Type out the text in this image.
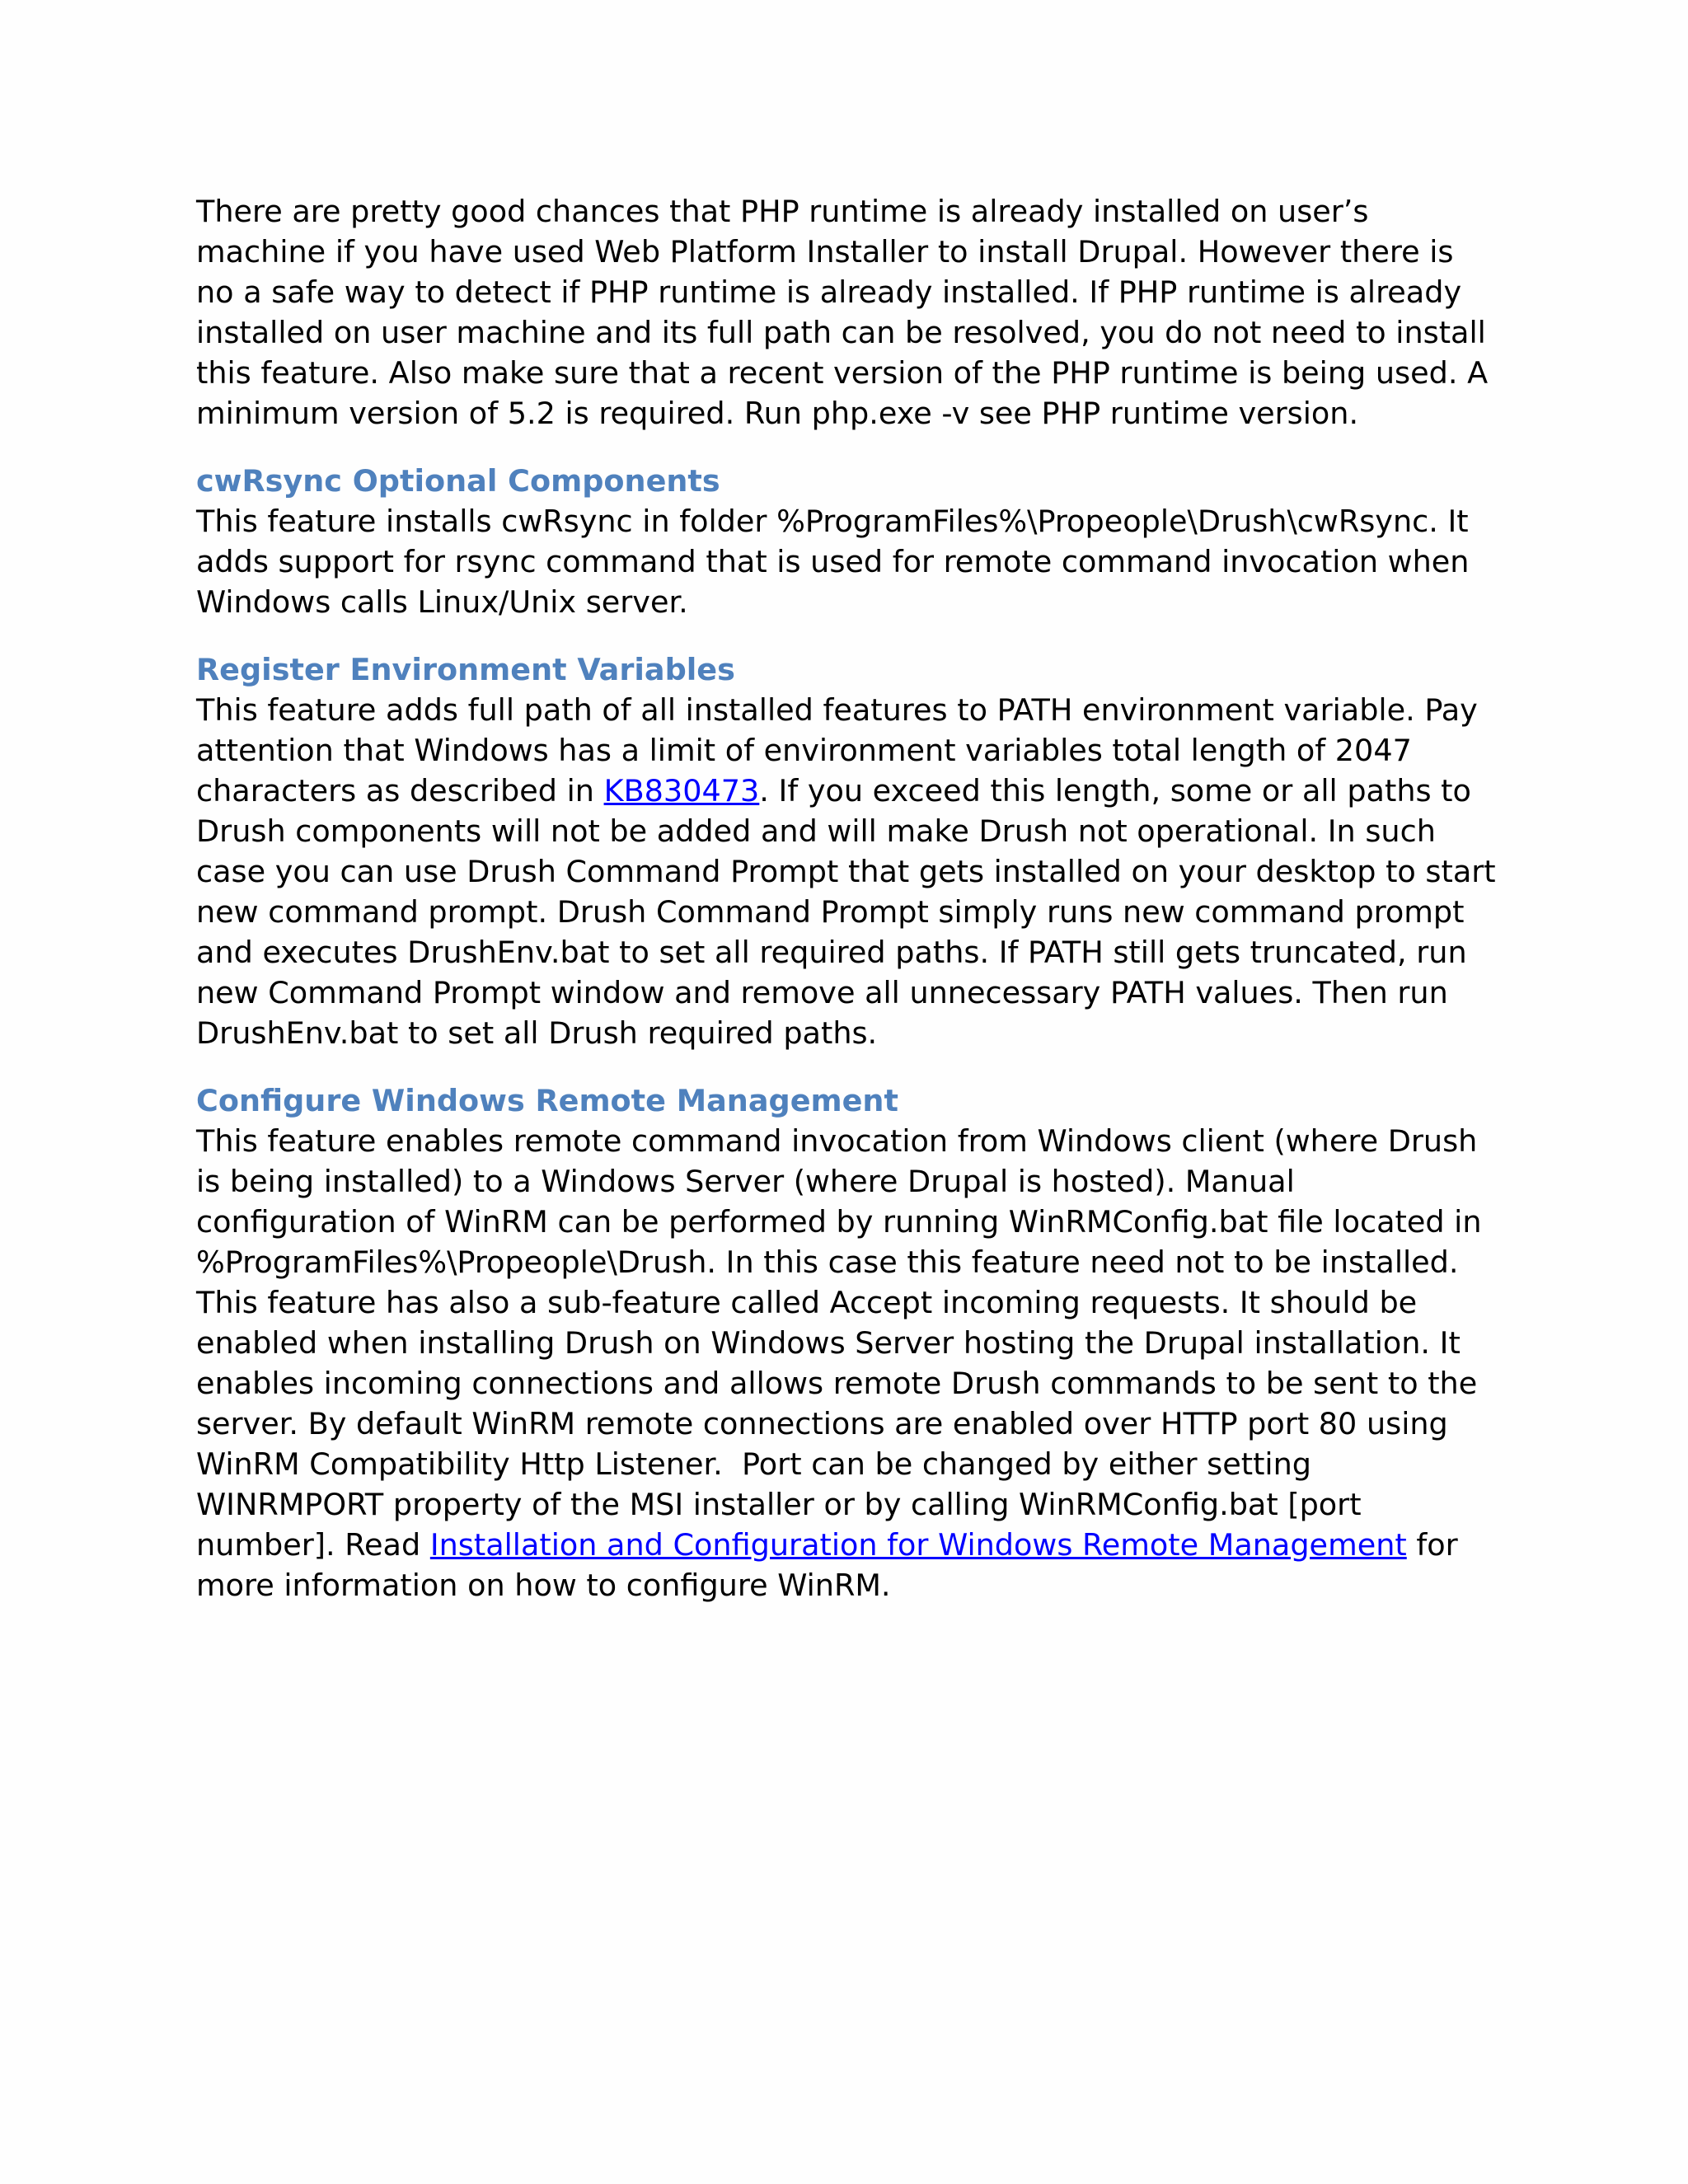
There are pretty good chances that PHP runtime is already installed on user’s machine if you have used Web Platform Installer to install Drupal. However there is no a safe way to detect if PHP runtime is already installed. If PHP runtime is already installed on user machine and its full path can be resolved, you do not need to install this feature. Also make sure that a recent version of the PHP runtime is being used. A minimum version of 5.2 is required. Run php.exe -v see PHP runtime version.

cwRsync Optional Components

This feature installs cwRsync in folder %ProgramFiles%\Propeople\Drush\cwRsync. It adds support for rsync command that is used for remote command invocation when Windows calls Linux/Unix server.

Register Environment Variables

This feature adds full path of all installed features to PATH environment variable. Pay attention that Windows has a limit of environment variables total length of 2047 characters as described in KB830473. If you exceed this length, some or all paths to Drush components will not be added and will make Drush not operational. In such case you can use Drush Command Prompt that gets installed on your desktop to start new command prompt. Drush Command Prompt simply runs new command prompt and executes DrushEnv.bat to set all required paths. If PATH still gets truncated, run new Command Prompt window and remove all unnecessary PATH values. Then run DrushEnv.bat to set all Drush required paths.

Configure Windows Remote Management

This feature enables remote command invocation from Windows client (where Drush is being installed) to a Windows Server (where Drupal is hosted). Manual configuration of WinRM can be performed by running WinRMConfig.bat file located in %ProgramFiles%\Propeople\Drush. In this case this feature need not to be installed. This feature has also a sub-feature called Accept incoming requests. It should be enabled when installing Drush on Windows Server hosting the Drupal installation. It enables incoming connections and allows remote Drush commands to be sent to the server. By default WinRM remote connections are enabled over HTTP port 80 using WinRM Compatibility Http Listener.  Port can be changed by either setting WINRMPORT property of the MSI installer or by calling WinRMConfig.bat [port number]. Read Installation and Configuration for Windows Remote Management for more information on how to configure WinRM.
